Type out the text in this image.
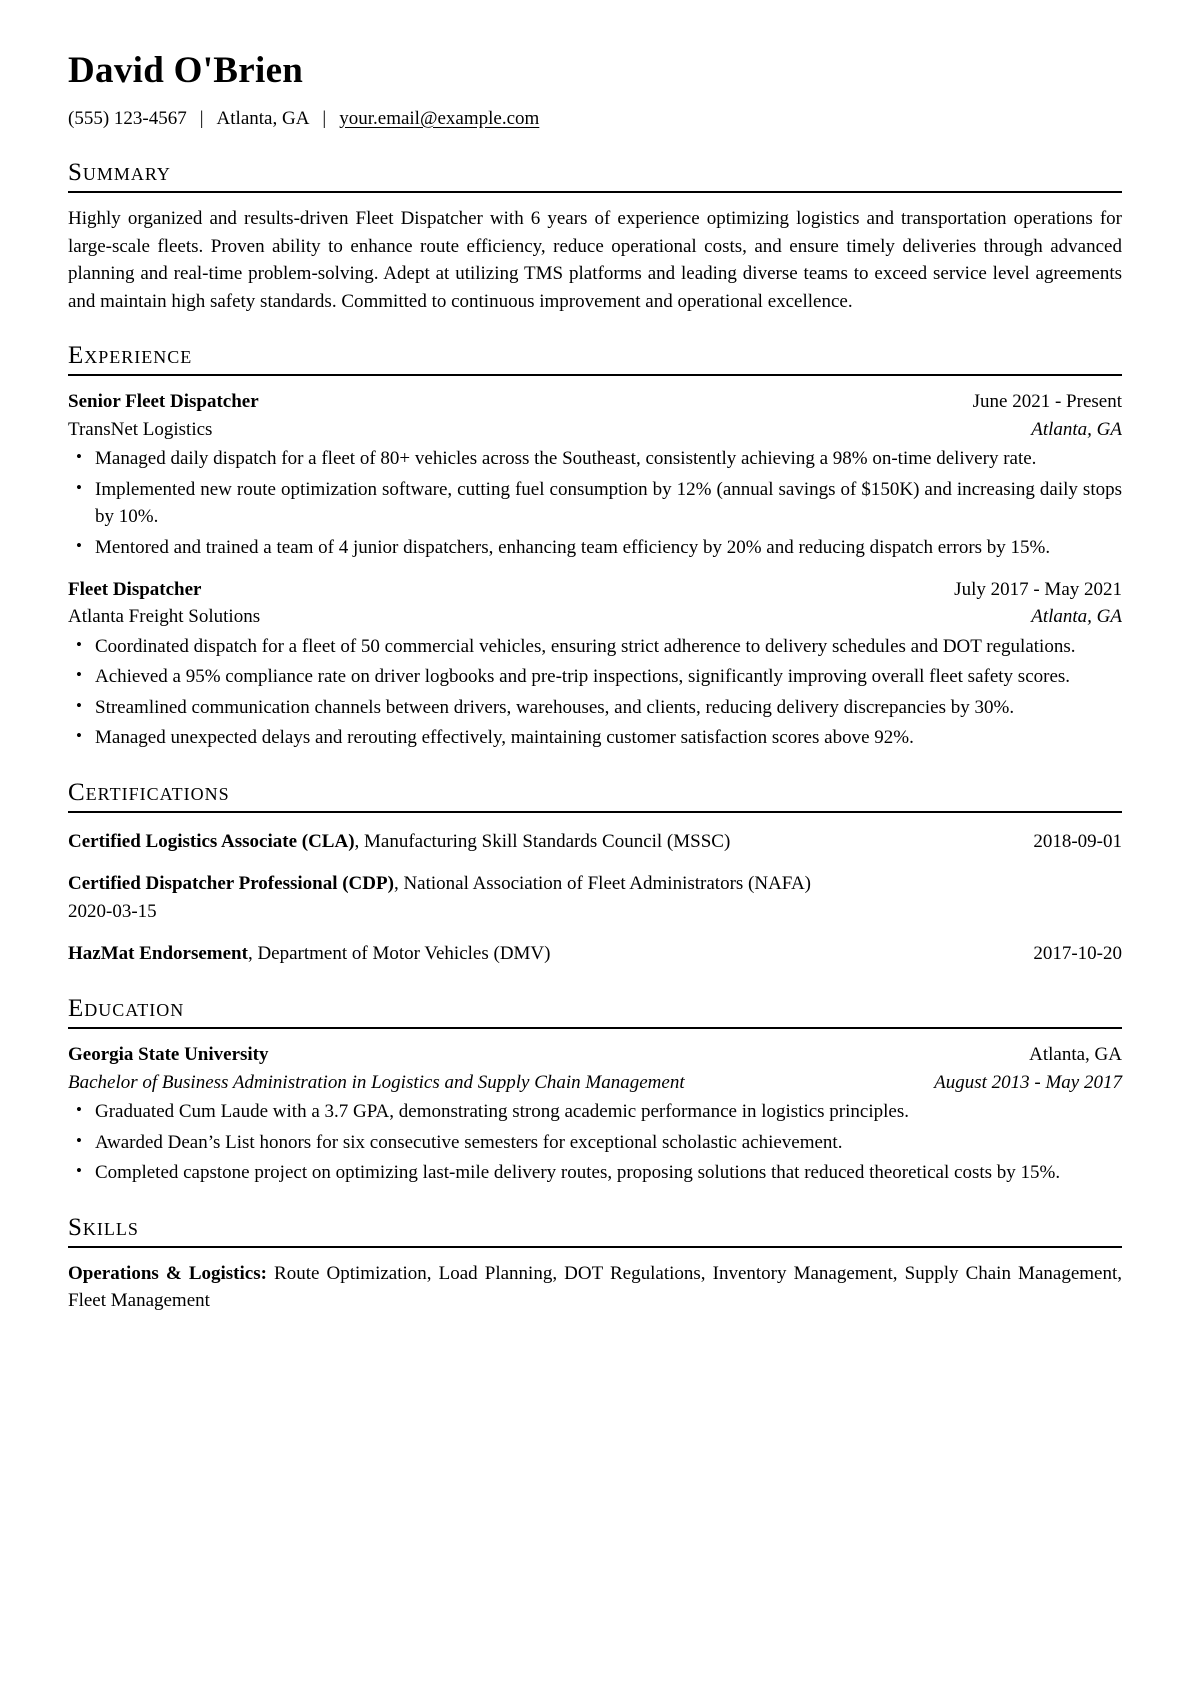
David O'Brien
(555) 123-4567 | Atlanta, GA | your.email@example.com
Summary

Highly organized and results-driven Fleet Dispatcher with 6 years of experience optimizing logistics and transportation operations for large-scale fleets. Proven ability to enhance route efficiency, reduce operational costs, and ensure timely deliveries through advanced planning and real-time problem-solving. Adept at utilizing TMS platforms and leading diverse teams to exceed service level agreements and maintain high safety standards. Committed to continuous improvement and operational excellence.

Experience
Senior Fleet Dispatcher	June 2021 - Present
TransNet Logistics	Atlanta, GA
• Managed daily dispatch for a fleet of 80+ vehicles across the Southeast, consistently achieving a 98% on-time delivery rate.
• Implemented new route optimization software, cutting fuel consumption by 12% (annual savings of $150K) and increasing daily stops by 10%.
• Mentored and trained a team of 4 junior dispatchers, enhancing team efficiency by 20% and reducing dispatch errors by 15%.
Fleet Dispatcher	July 2017 - May 2021
Atlanta Freight Solutions	Atlanta, GA
• Coordinated dispatch for a fleet of 50 commercial vehicles, ensuring strict adherence to delivery schedules and DOT regulations.
• Achieved a 95% compliance rate on driver logbooks and pre-trip inspections, significantly improving overall fleet safety scores.
• Streamlined communication channels between drivers, warehouses, and clients, reducing delivery discrepancies by 30%.
• Managed unexpected delays and rerouting effectively, maintaining customer satisfaction scores above 92%.
Certifications
Certified Logistics Associate (CLA), Manufacturing Skill Standards Council (MSSC)	2018-09-01
Certified Dispatcher Professional (CDP), National Association of Fleet Administrators (NAFA)
2020-03-15
HazMat Endorsement, Department of Motor Vehicles (DMV)	2017-10-20
Education
Georgia State University	Atlanta, GA
Bachelor of Business Administration in Logistics and Supply Chain Management	August 2013 - May 2017
• Graduated Cum Laude with a 3.7 GPA, demonstrating strong academic performance in logistics principles.
• Awarded Dean’s List honors for six consecutive semesters for exceptional scholastic achievement.
• Completed capstone project on optimizing last-mile delivery routes, proposing solutions that reduced theoretical costs by 15%.
Skills

Operations & Logistics: Route Optimization, Load Planning, DOT Regulations, Inventory Management, Supply Chain Management, Fleet Management
